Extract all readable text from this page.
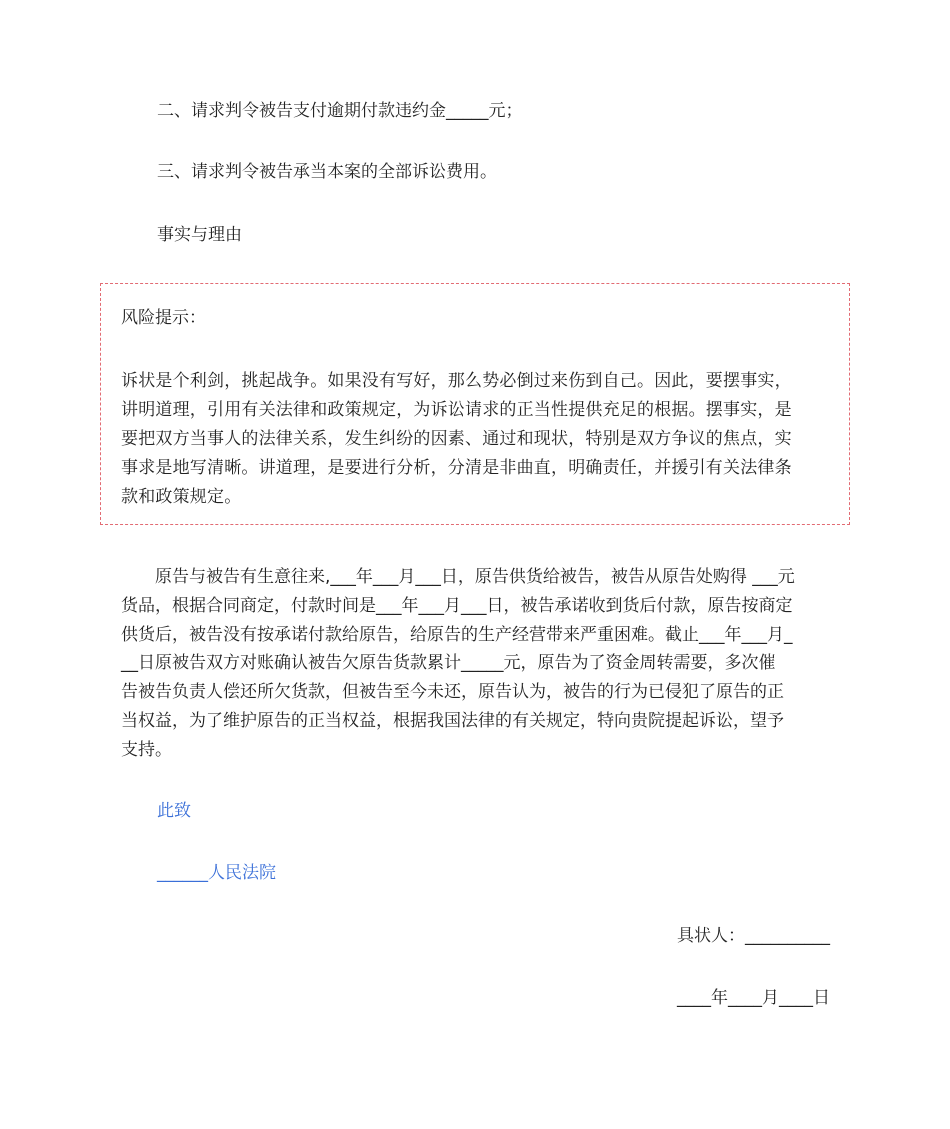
二、请求判令被告支付逾期付款违约金_____元；
三、请求判令被告承当本案的全部诉讼费用。
事实与理由
风险提示：
诉状是个利剑，挑起战争。如果没有写好，那么势必倒过来伤到自己。因此，要摆事实，
讲明道理，引用有关法律和政策规定，为诉讼请求的正当性提供充足的根据。摆事实，是
要把双方当事人的法律关系，发生纠纷的因素、通过和现状，特别是双方争议的焦点，实
事求是地写清晰。讲道理，是要进行分析，分清是非曲直，明确责任，并援引有关法律条
款和政策规定。
　　原告与被告有生意往来,___年___月___日，原告供货给被告，被告从原告处购得 ___元
货品，根据合同商定，付款时间是___年___月___日，被告承诺收到货后付款，原告按商定
供货后，被告没有按承诺付款给原告，给原告的生产经营带来严重困难。截止___年___月_
__日原被告双方对账确认被告欠原告货款累计_____元，原告为了资金周转需要，多次催
告被告负责人偿还所欠货款，但被告至今未还，原告认为，被告的行为已侵犯了原告的正
当权益，为了维护原告的正当权益，根据我国法律的有关规定，特向贵院提起诉讼，望予
支持。
此致
______人民法院
具状人：__________
____年____月____日
